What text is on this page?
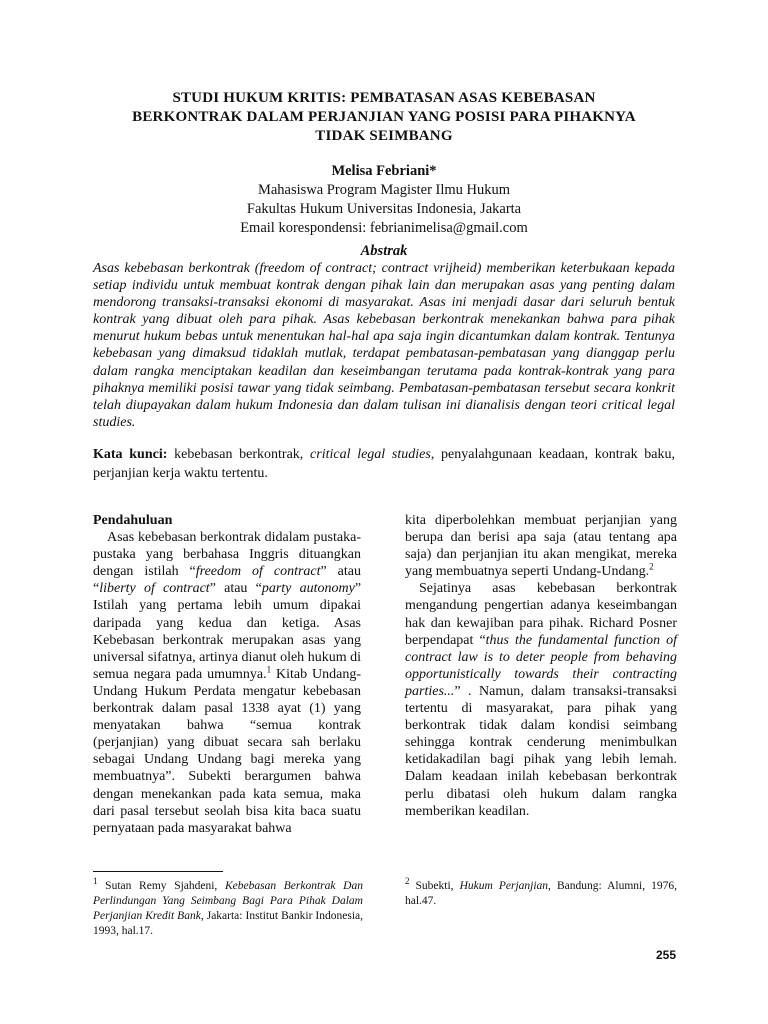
STUDI HUKUM KRITIS: PEMBATASAN ASAS KEBEBASAN
BERKONTRAK DALAM PERJANJIAN YANG POSISI PARA PIHAKNYA
TIDAK SEIMBANG
Melisa Febriani*
Mahasiswa Program Magister Ilmu Hukum
Fakultas Hukum Universitas Indonesia, Jakarta
Email korespondensi: febrianimelisa@gmail.com
Abstrak

Asas kebebasan berkontrak (freedom of contract; contract vrijheid) memberikan keterbukaan kepada setiap individu untuk membuat kontrak dengan pihak lain dan merupakan asas yang penting dalam mendorong transaksi-transaksi ekonomi di masyarakat. Asas ini menjadi dasar dari seluruh bentuk kontrak yang dibuat oleh para pihak. Asas kebebasan berkontrak menekankan bahwa para pihak menurut hukum bebas untuk menentukan hal-hal apa saja ingin dicantumkan dalam kontrak. Tentunya kebebasan yang dimaksud tidaklah mutlak, terdapat pembatasan-pembatasan yang dianggap perlu dalam rangka menciptakan keadilan dan keseimbangan terutama pada kontrak-kontrak yang para pihaknya memiliki posisi tawar yang tidak seimbang. Pembatasan-pembatasan tersebut secara konkrit telah diupayakan dalam hukum Indonesia dan dalam tulisan ini dianalisis dengan teori critical legal studies.

Kata kunci: kebebasan berkontrak, critical legal studies, penyalahgunaan keadaan, kontrak baku, perjanjian kerja waktu tertentu.

Pendahuluan

Asas kebebasan berkontrak didalam pustaka-pustaka yang berbahasa Inggris dituangkan dengan istilah “freedom of contract” atau “liberty of contract” atau “party autonomy” Istilah yang pertama lebih umum dipakai daripada yang kedua dan ketiga. Asas Kebebasan berkontrak merupakan asas yang universal sifatnya, artinya dianut oleh hukum di semua negara pada umumnya.$^1$ Kitab Undang-Undang Hukum Perdata mengatur kebebasan berkontrak dalam pasal 1338 ayat (1) yang menyatakan bahwa “semua kontrak (perjanjian) yang dibuat secara sah berlaku sebagai Undang Undang bagi mereka yang membuatnya”. Subekti berargumen bahwa dengan menekankan pada kata semua, maka dari pasal tersebut seolah bisa kita baca suatu pernyataan pada masyarakat bahwa

kita diperbolehkan membuat perjanjian yang berupa dan berisi apa saja (atau tentang apa saja) dan perjanjian itu akan mengikat, mereka yang membuatnya seperti Undang-Undang.$^2$

Sejatinya asas kebebasan berkontrak mengandung pengertian adanya keseimbangan hak dan kewajiban para pihak. Richard Posner berpendapat “thus the fundamental function of contract law is to deter people from behaving opportunistically towards their contracting parties...” . Namun, dalam transaksi-transaksi tertentu di masyarakat, para pihak yang berkontrak tidak dalam kondisi seimbang sehingga kontrak cenderung menimbulkan ketidakadilan bagi pihak yang lebih lemah. Dalam keadaan inilah kebebasan berkontrak perlu dibatasi oleh hukum dalam rangka memberikan keadilan.

$^1$ Sutan Remy Sjahdeni, Kebebasan Berkontrak Dan Perlindungan Yang Seimbang Bagi Para Pihak Dalam Perjanjian Kredit Bank, Jakarta: Institut Bankir Indonesia, 1993, hal.17.

$^2$ Subekti, Hukum Perjanjian, Bandung: Alumni, 1976, hal.47.

255
